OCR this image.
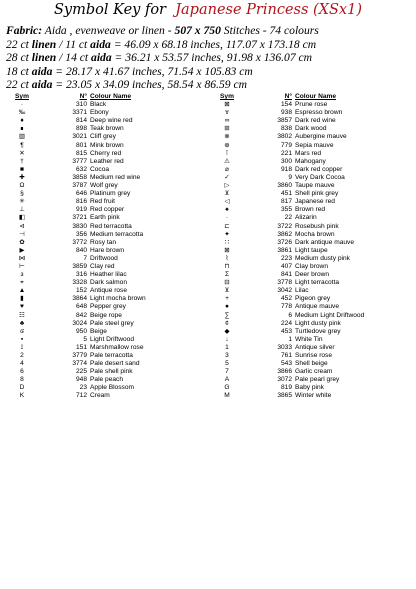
Symbol Key for Japanese Princess (XSx1)
Fabric: Aida , evenweave or linen - 507 x 750 Stitches - 74 colours
22 ct linen / 11 ct aida = 46.09 x 68.18 inches, 117.07 x 173.18 cm
28 ct linen / 14 ct aida = 36.21 x 53.57 inches, 91.98 x 136.07 cm
18 ct aida = 28.17 x 41.67 inches, 71.54 x 105.83 cm
22 ct aida = 23.05 x 34.09 inches, 58.54 x 86.59 cm
Sym	N° Colour Name
·	310 Black
‰	3371 Ebony
♦	814 Deep wine red
∎	898 Teak brown
▥	3021 Cliff grey
¶	801 Mink brown
✕	815 Cherry red
†	3777 Leather red
■	632 Cocoa
✚	3858 Medium red wine
Ω	3787 Wolf grey
§	646 Platinum grey
✳	816 Red fruit
⊥	919 Red copper
◧	3721 Earth pink
⊲	3830 Red terracotta
⊣	356 Medium terracotta
✿	3772 Rosy tan
▶	840 Hare brown
⋈	7 Driftwood
⊢	3859 Clay red
ɜ	316 Heather lilac
⌖	3328 Dark salmon
▲	152 Antique rose
▮	3864 Light mocha brown
♥	648 Pepper grey
☷	842 Beige rope
♣	3024 Pale steel grey
ʛ	950 Beige
▪	5 Light Driftwood
⟟	151 Marshmallow rose
2	3779 Pale terracotta
4	3774 Pale desert sand
6	225 Pale shell pink
8	948 Pale peach
D	23 Apple Blossom
K	712 Cream
Sym	N° Colour Name
⊠	154 Prune rose
ɤ	938 Espresso brown
∞	3857 Dark red wine
⊞	838 Dark wood
⊗	3802 Aubergine mauve
⊕	779 Sepia mauve
⊺	221 Mars red
⚠	300 Mahogany
⌀	918 Dark red copper
✓	9 Very Dark Cocoa
▷	3860 Taupe mauve
⊻	451 Shell pink grey
◁	817 Japanese red
♠	355 Brown red
·	22 Alizarin
⊏	3722 Rosebush pink
✦	3862 Mocha brown
∷	3726 Dark antique mauve
⊠	3861 Light taupe
⌇	223 Medium dusty pink
⊓	407 Clay brown
Σ	841 Deer brown
⊟	3778 Light terracotta
⊻	3042 Lilac
+	452 Pigeon grey
●	778 Antique mauve
∑	6 Medium Light Driftwood
¢	224 Light dusty pink
◆	453 Turtledove grey
↓	1 White Tin
1	3033 Antique silver
3	761 Sunrise rose
5	543 Shell beige
7	3866 Garlic cream
A	3072 Pale pearl grey
G	819 Baby pink
M	3865 Winter white
